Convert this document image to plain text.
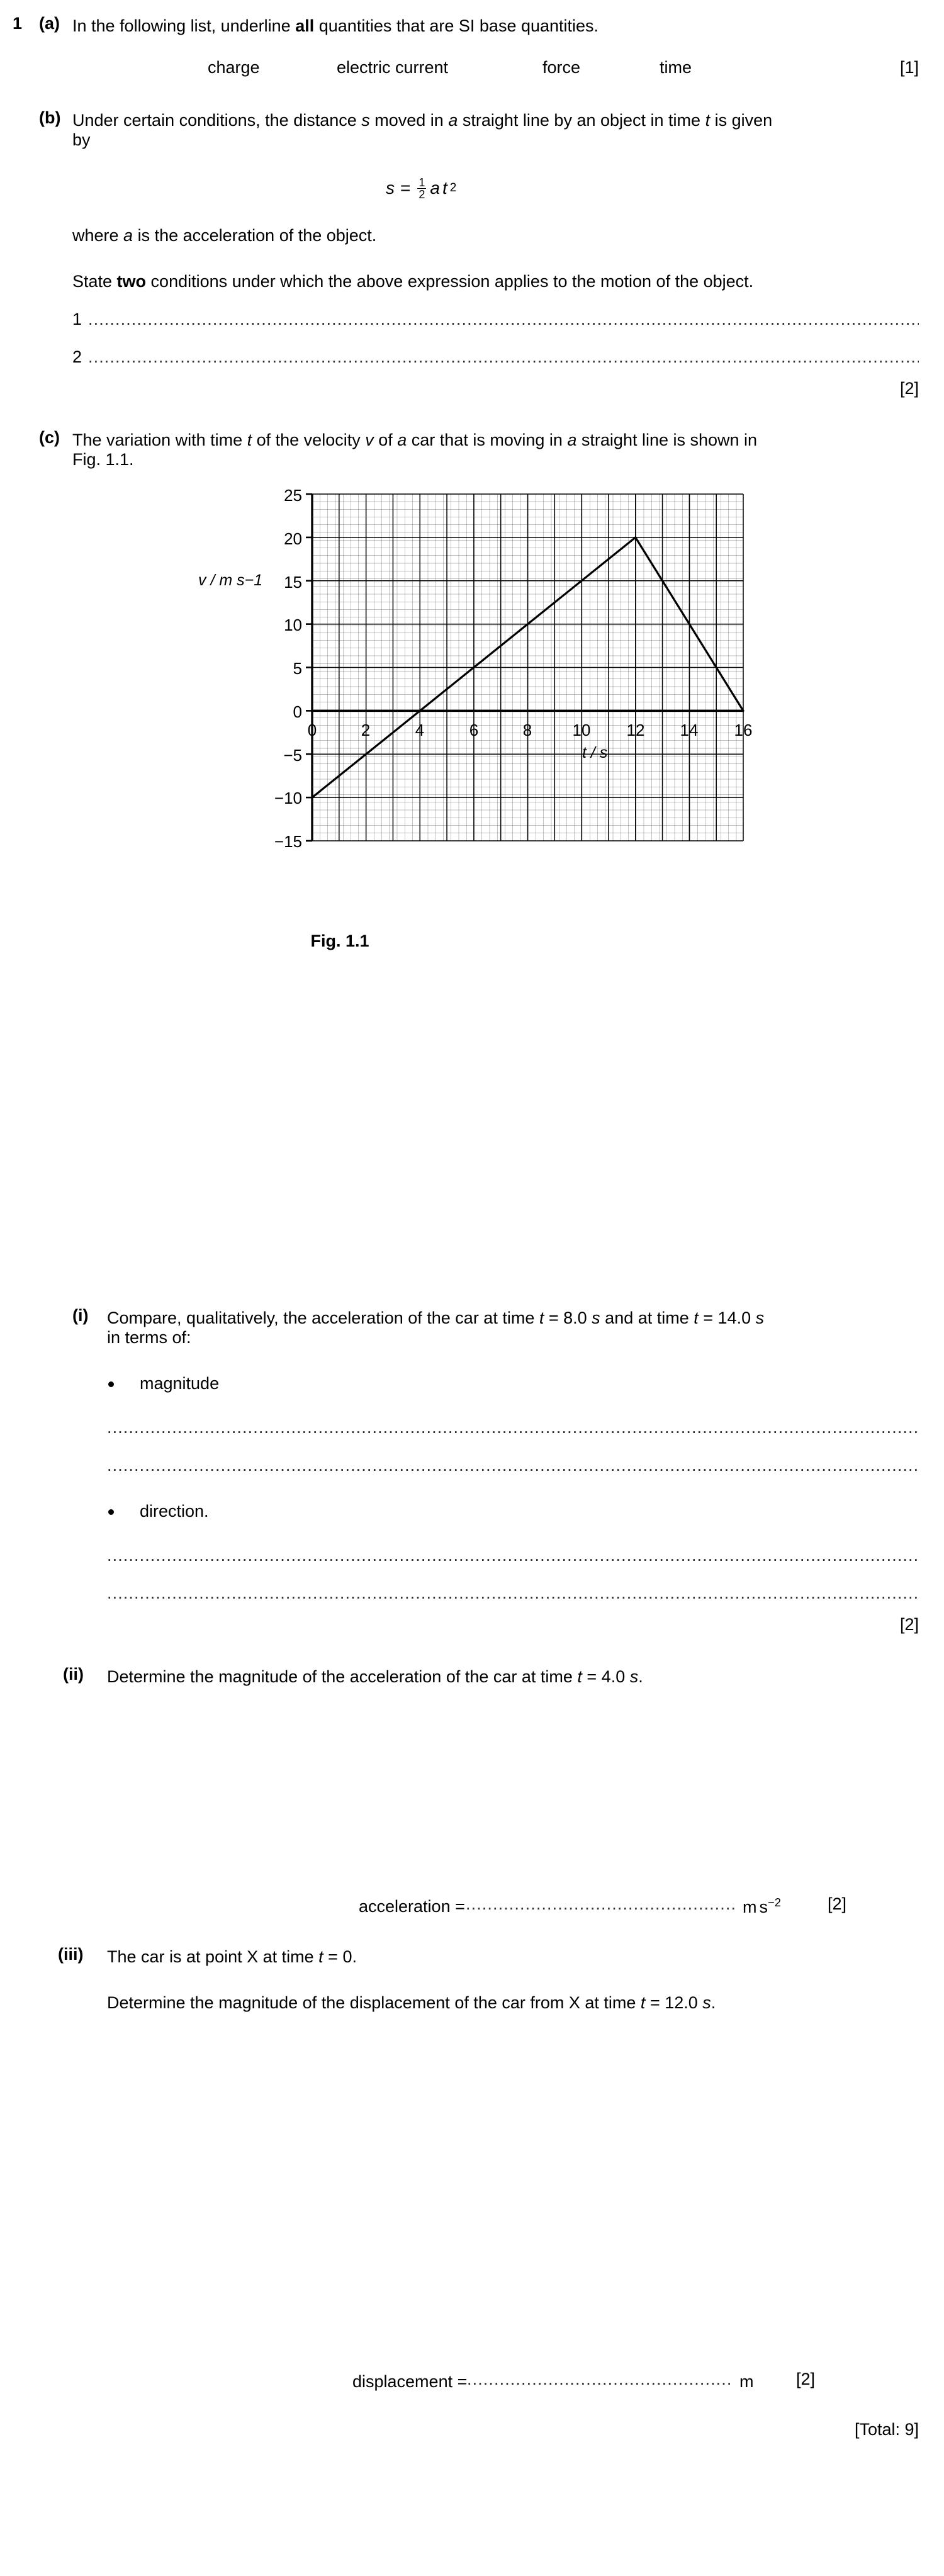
1 (a) In the following list, underline all quantities that are SI base quantities.
charge	electric current	force	time	[1]
(b) Under certain conditions, the distance s moved in a straight line by an object in time t is given
by
$s = \frac{1}{2}$ a t 2
where a is the acceleration of the object.
State two conditions under which the above expression applies to the motion of the object.
1
.....
2
.....
[2]
(c) The variation with time t of the velocity v of a car that is moving in a straight line is shown in
Fig. 1.1.
v / m s−1
25
20
15
10
5
0
−5
−10
−15
0	2	4	6	8 10 12 14 16
t / s
Fig. 1.1
(i) Compare, qualitatively, the acceleration of the car at time t = 8.0 s and at time t = 14.0 s
in terms of:
magnitude
.....
.....
direction.
.....
.....
[2]
(ii) Determine the magnitude of the acceleration of the car at time t = 4.0 s.
acceleration = .....	m $s^{-2}$	[2]
(iii) The car is at point X at time t = 0.
Determine the magnitude of the displacement of the car from X at time t = 12.0 s.
displacement = .....	m	[2]
[Total: 9]
